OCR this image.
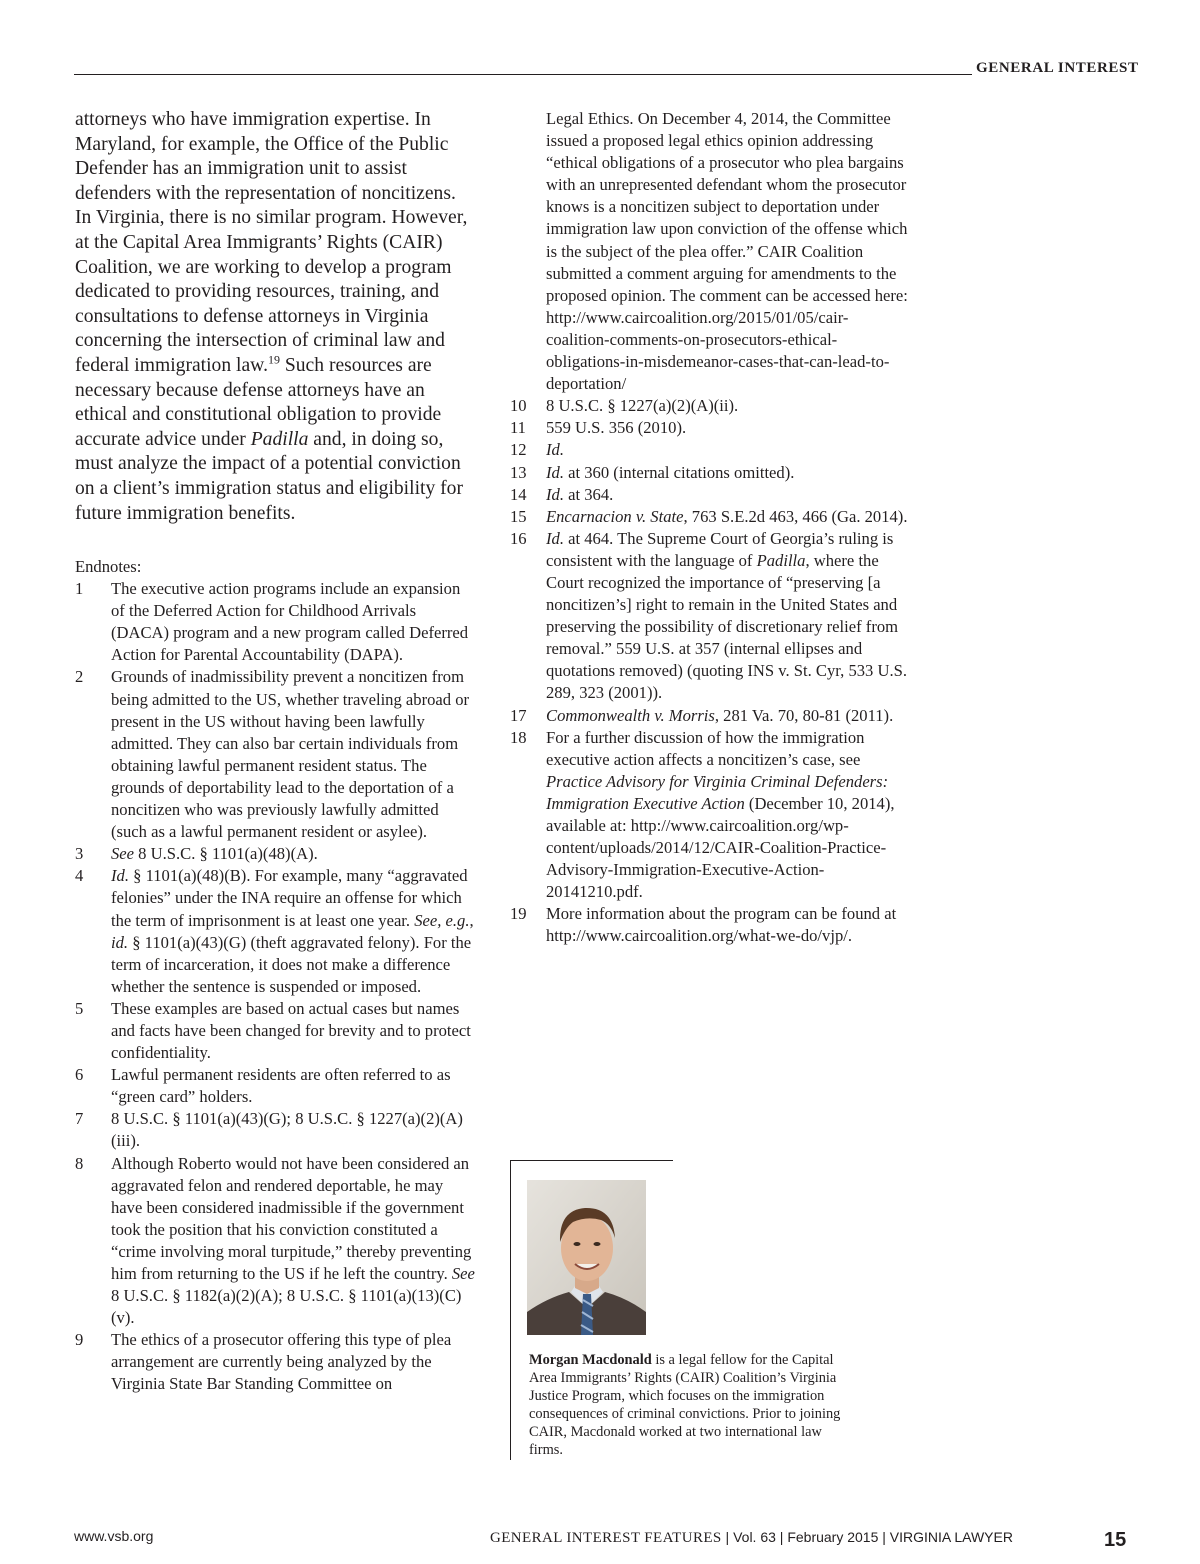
GENERAL INTEREST

attorneys who have immigration expertise. In Maryland, for example, the Office of the Public Defender has an immigration unit to assist defenders with the representation of noncitizens. In Virginia, there is no similar program. However, at the Capital Area Immigrants’ Rights (CAIR) Coalition, we are working to develop a program dedicated to providing resources, training, and consultations to defense attorneys in Virginia concerning the intersection of criminal law and federal immigration law.$^{19}$ Such resources are necessary because defense attorneys have an ethical and constitutional obligation to provide accurate advice under Padilla and, in doing so, must analyze the impact of a potential conviction on a client’s immigration status and eligibility for future immigration benefits.

Endnotes:

1	The executive action programs include an expansion of the Deferred Action for Childhood Arrivals (DACA) program and a new program called Deferred Action for Parental Accountability (DAPA).
2	Grounds of inadmissibility prevent a noncitizen from being admitted to the US, whether traveling abroad or present in the US without having been lawfully admitted. They can also bar certain individuals from obtaining lawful permanent resident status. The grounds of deportability lead to the deportation of a noncitizen who was previously lawfully admitted (such as a lawful permanent resident or asylee).
3	See 8 U.S.C. § 1101(a)(48)(A).
4	Id. § 1101(a)(48)(B). For example, many “aggravated felonies” under the INA require an offense for which the term of imprisonment is at least one year. See, e.g., id. § 1101(a)(43)(G) (theft aggravated felony). For the term of incarceration, it does not make a difference whether the sentence is suspended or imposed.
5	These examples are based on actual cases but names and facts have been changed for brevity and to protect confidentiality.
6	Lawful permanent residents are often referred to as “green card” holders.
7	8 U.S.C. § 1101(a)(43)(G); 8 U.S.C. § 1227(a)(2)(A)(iii).
8	Although Roberto would not have been considered an aggravated felon and rendered deportable, he may have been considered inadmissible if the government took the position that his conviction constituted a “crime involving moral turpitude,” thereby preventing him from returning to the US if he left the country. See 8 U.S.C. § 1182(a)(2)(A); 8 U.S.C. § 1101(a)(13)(C)(v).
9	The ethics of a prosecutor offering this type of plea arrangement are currently being analyzed by the Virginia State Bar Standing Committee on
Legal Ethics. On December 4, 2014, the Committee issued a proposed legal ethics opinion addressing “ethical obligations of a prosecutor who plea bargains with an unrepresented defendant whom the prosecutor knows is a noncitizen subject to deportation under immigration law upon conviction of the offense which is the subject of the plea offer.” CAIR Coalition submitted a comment arguing for amendments to the proposed opinion. The comment can be accessed here: http://www.caircoalition.org/2015/01/05/cair-coalition-comments-on-prosecutors-ethical-obligations-in-misdemeanor-cases-that-can-lead-to-deportation/
10	8 U.S.C. § 1227(a)(2)(A)(ii).
11	559 U.S. 356 (2010).
12	Id.
13	Id. at 360 (internal citations omitted).
14	Id. at 364.
15	Encarnacion v. State, 763 S.E.2d 463, 466 (Ga. 2014).
16	Id. at 464. The Supreme Court of Georgia’s ruling is consistent with the language of Padilla, where the Court recognized the importance of “preserving [a noncitizen’s] right to remain in the United States and preserving the possibility of discretionary relief from removal.” 559 U.S. at 357 (internal ellipses and quotations removed) (quoting INS v. St. Cyr, 533 U.S. 289, 323 (2001)).
17	Commonwealth v. Morris, 281 Va. 70, 80-81 (2011).
18	For a further discussion of how the immigration executive action affects a noncitizen’s case, see Practice Advisory for Virginia Criminal Defenders: Immigration Executive Action (December 10, 2014), available at: http://www.caircoalition.org/wp-content/uploads/2014/12/CAIR-Coalition-Practice-Advisory-Immigration-Executive-Action-20141210.pdf.
19	More information about the program can be found at http://www.caircoalition.org/what-we-do/vjp/.

Morgan Macdonald is a legal fellow for the Capital Area Immigrants’ Rights (CAIR) Coalition’s Virginia Justice Program, which focuses on the immigration consequences of criminal convictions. Prior to joining CAIR, Macdonald worked at two international law firms.

www.vsb.org	GENERAL INTEREST FEATURES | Vol. 63 | February 2015 | VIRGINIA LAWYER	15
